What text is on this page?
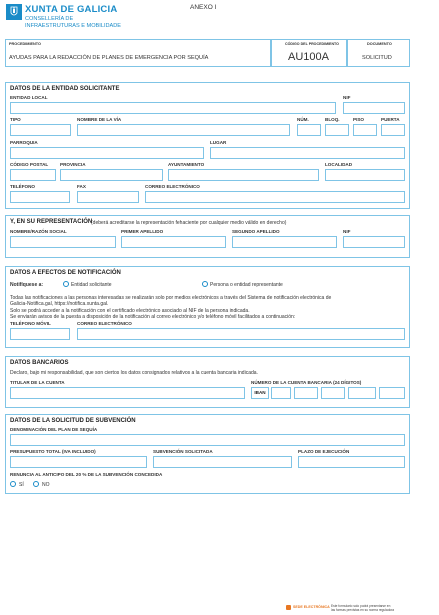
XUNTA DE GALICIA
CONSELLERÍA DE
INFRAESTRUTURAS E MOBILIDADE
ANEXO I
PROCEDIMIENTO
AYUDAS PARA LA REDACCIÓN DE PLANES DE EMERGENCIA POR SEQUÍA
CÓDIGO DEL PROCEDIMIENTO
AU100A
DOCUMENTO
SOLICITUD
DATOS DE LA ENTIDAD SOLICITANTE
ENTIDAD LOCAL	NIF
TIPO	NOMBRE DE LA VÍA	NÚM.	BLOQ.	PISO	PUERTA
PARROQUIA	LUGAR
CÓDIGO POSTAL	PROVINCIA	AYUNTAMIENTO	LOCALIDAD
TELÉFONO	FAX	CORREO ELECTRÓNICO
Y, EN SU REPRESENTACIÓN
(deberá acreditarse la representación fehaciente por cualquier medio válido en derecho)
NOMBRE/RAZÓN SOCIAL	PRIMER APELLIDO	SEGUNDO APELLIDO	NIF
DATOS A EFECTOS DE NOTIFICACIÓN
Notifíquese a:	Entidad solicitante	Persona o entidad representante
Todas las notificaciones a las personas interesadas se realizarán solo por medios electrónicos a través del Sistema de notificación electrónica de
Galicia-Notifica.gal, https://notifica.xunta.gal.
Solo se podrá acceder a la notificación con el certificado electrónico asociado al NIF de la persona indicada.
Se enviarán avisos de la puesta a disposición de la notificación al correo electrónico y/o teléfono móvil facilitados a continuación:
TELÉFONO MÓVIL	CORREO ELECTRÓNICO
DATOS BANCARIOS
Declaro, bajo mi responsabilidad, que son ciertos los datos consignados relativos a la cuenta bancaria indicada.
TITULAR DE LA CUENTA	NÚMERO DE LA CUENTA BANCARIA (24 DÍGITOS)
IBAN
DATOS DE LA SOLICITUD DE SUBVENCIÓN
DENOMINACIÓN DEL PLAN DE SEQUÍA
PRESUPUESTO TOTAL (IVA INCLUIDO)	SUBVENCIÓN SOLICITADA	PLAZO DE EJECUCIÓN
RENUNCIA AL ANTICIPO DEL 20 % DE LA SUBVENCIÓN CONCEDIDA
SÍ	NO
SEDE ELECTRÓNICA Este formulario solo podrá presentarse en
las formas previstas en su norma reguladora
